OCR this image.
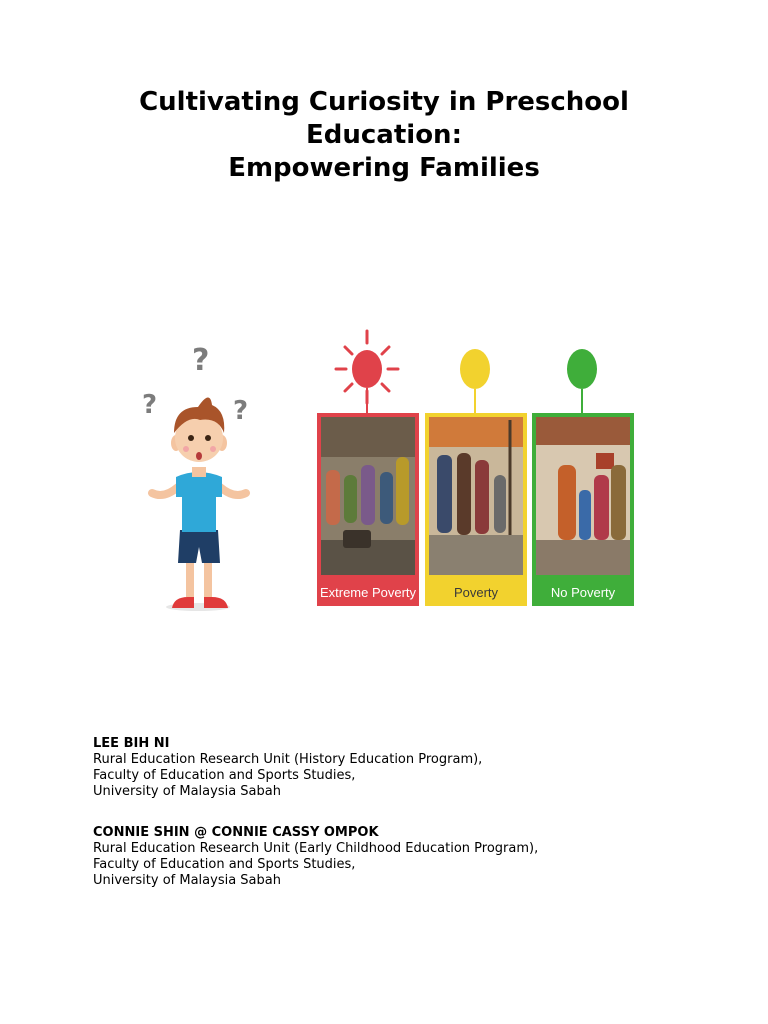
Cultivating Curiosity in Preschool
Education:
Empowering Families
?
?	?
Extreme Poverty	Poverty	No Poverty
LEE BIH NI
Rural Education Research Unit (History Education Program),
Faculty of Education and Sports Studies,
University of Malaysia Sabah
CONNIE SHIN @ CONNIE CASSY OMPOK
Rural Education Research Unit (Early Childhood Education Program),
Faculty of Education and Sports Studies,
University of Malaysia Sabah
